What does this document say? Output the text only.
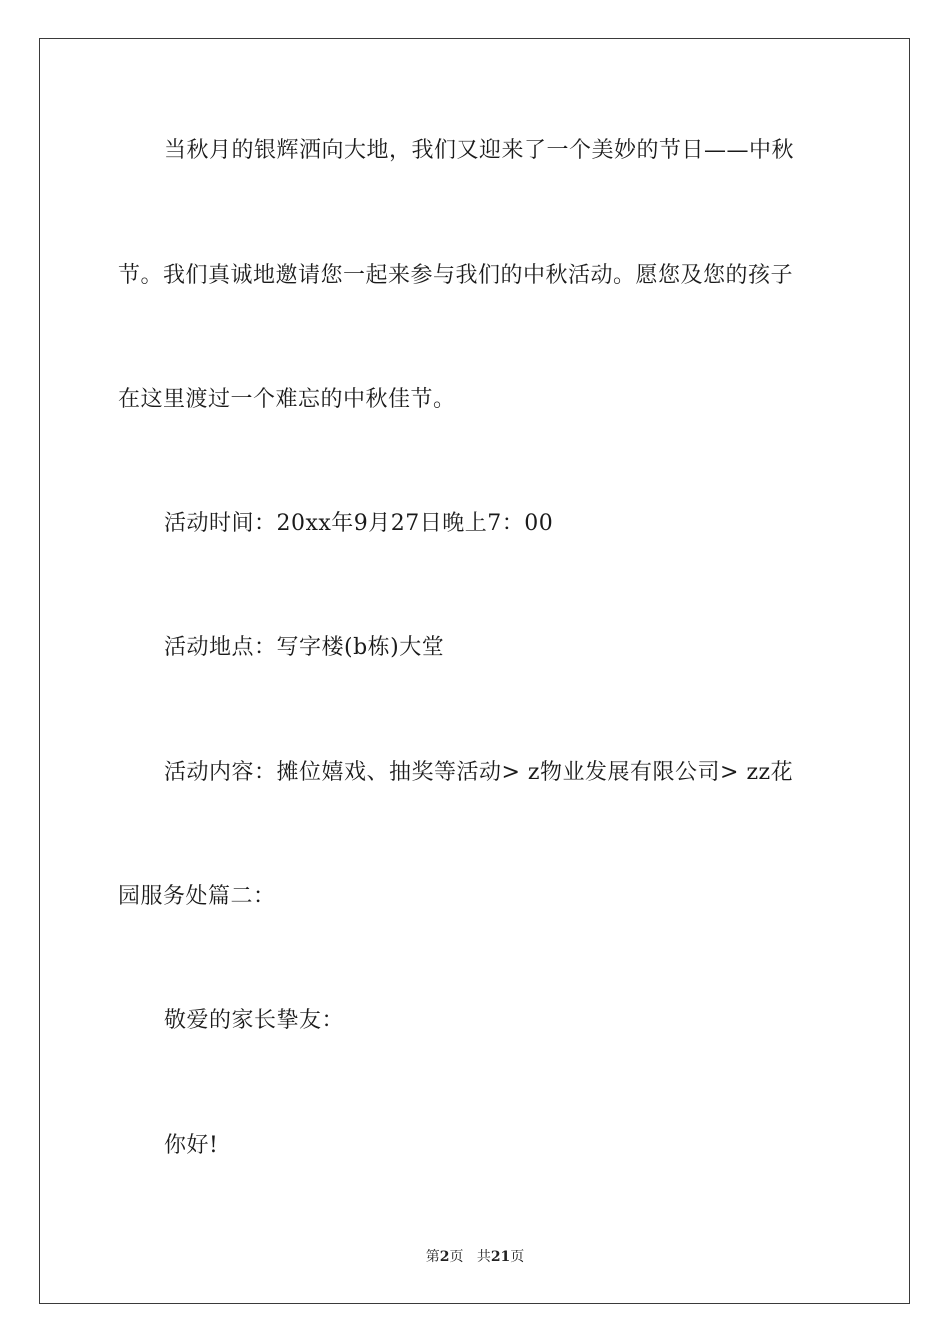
当秋月的银辉洒向大地，我们又迎来了一个美妙的节日——中秋
节。我们真诚地邀请您一起来参与我们的中秋活动。愿您及您的孩子
在这里渡过一个难忘的中秋佳节。
活动时间：20xx年9月27日晚上7：00
活动地点：写字楼(b栋)大堂
活动内容：摊位嬉戏、抽奖等活动> z物业发展有限公司> zz花
园服务处篇二：
敬爱的家长挚友：
你好!
第2页 共21页
